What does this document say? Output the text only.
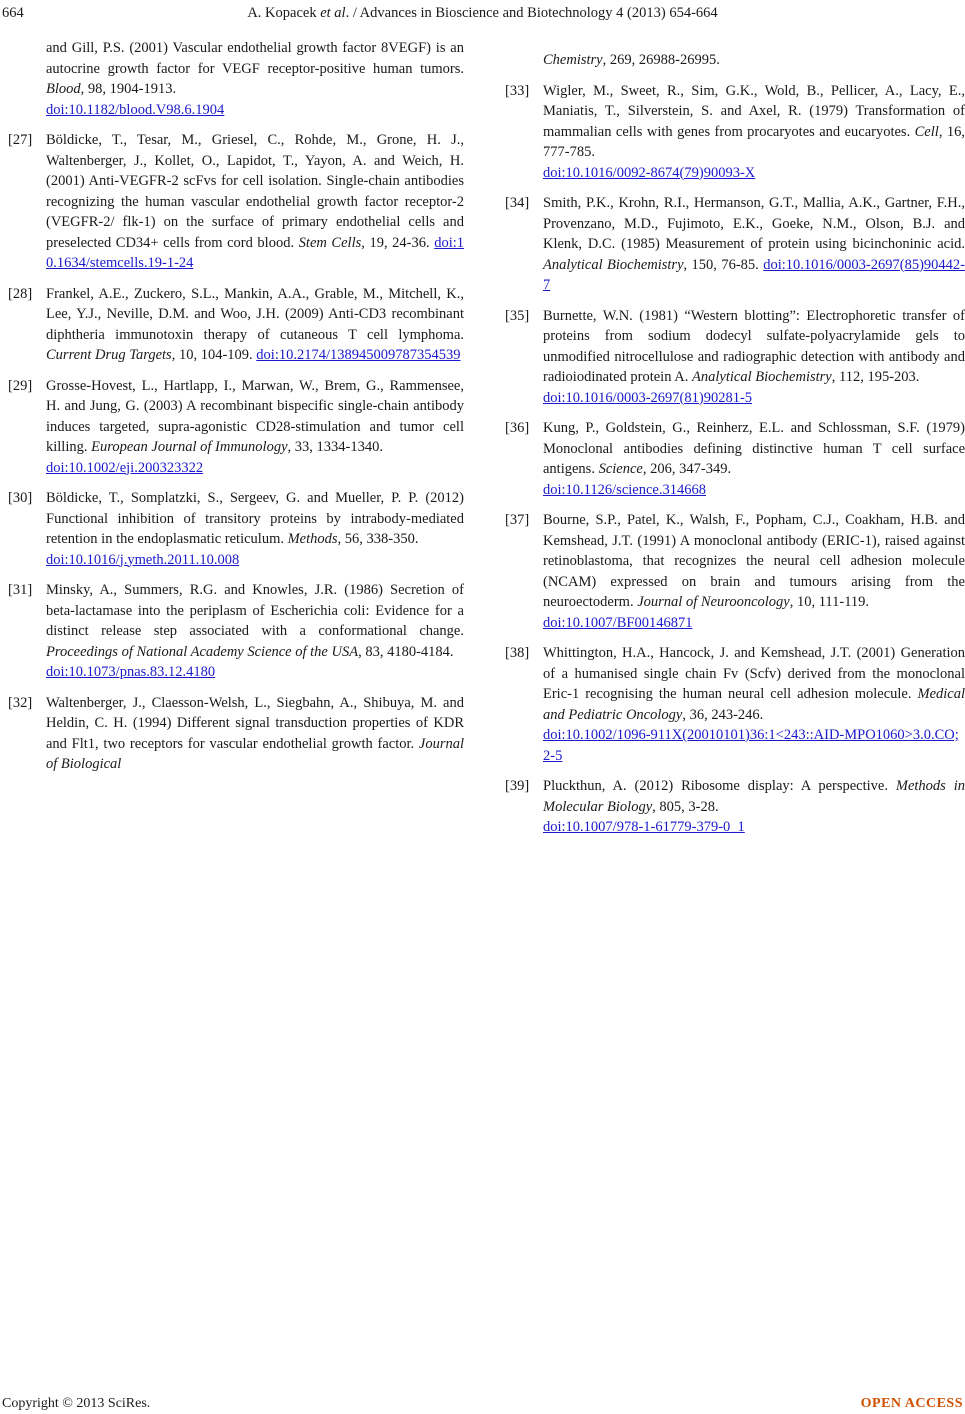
664	A. Kopacek et al. / Advances in Bioscience and Biotechnology 4 (2013) 654-664
and Gill, P.S. (2001) Vascular endothelial growth factor 8VEGF) is an autocrine growth factor for VEGF receptor-positive human tumors. Blood, 98, 1904-1913.
doi:10.1182/blood.V98.6.1904
[27] Böldicke, T., Tesar, M., Griesel, C., Rohde, M., Grone, H. J., Waltenberger, J., Kollet, O., Lapidot, T., Yayon, A. and Weich, H. (2001) Anti-VEGFR-2 scFvs for cell isolation. Single-chain antibodies recognizing the human vascular endothelial growth factor receptor-2 (VEGFR-2/ flk-1) on the surface of primary endothelial cells and preselected CD34+ cells from cord blood. Stem Cells, 19, 24-36. doi:10.1634/stemcells.19-1-24
[28] Frankel, A.E., Zuckero, S.L., Mankin, A.A., Grable, M., Mitchell, K., Lee, Y.J., Neville, D.M. and Woo, J.H. (2009) Anti-CD3 recombinant diphtheria immunotoxin therapy of cutaneous T cell lymphoma. Current Drug Targets, 10, 104-109. doi:10.2174/138945009787354539
[29] Grosse-Hovest, L., Hartlapp, I., Marwan, W., Brem, G., Rammensee, H. and Jung, G. (2003) A recombinant bispecific single-chain antibody induces targeted, supra-agonistic CD28-stimulation and tumor cell killing. European Journal of Immunology, 33, 1334-1340.
doi:10.1002/eji.200323322
[30] Böldicke, T., Somplatzki, S., Sergeev, G. and Mueller, P. P. (2012) Functional inhibition of transitory proteins by intrabody-mediated retention in the endoplasmatic reticulum. Methods, 56, 338-350.
doi:10.1016/j.ymeth.2011.10.008
[31] Minsky, A., Summers, R.G. and Knowles, J.R. (1986) Secretion of beta-lactamase into the periplasm of Escherichia coli: Evidence for a distinct release step associated with a conformational change. Proceedings of National Academy Science of the USA, 83, 4180-4184.
doi:10.1073/pnas.83.12.4180
[32] Waltenberger, J., Claesson-Welsh, L., Siegbahn, A., Shibuya, M. and Heldin, C. H. (1994) Different signal transduction properties of KDR and Flt1, two receptors for vascular endothelial growth factor. Journal of Biological
Chemistry, 269, 26988-26995.
[33] Wigler, M., Sweet, R., Sim, G.K., Wold, B., Pellicer, A., Lacy, E., Maniatis, T., Silverstein, S. and Axel, R. (1979) Transformation of mammalian cells with genes from procaryotes and eucaryotes. Cell, 16, 777-785.
doi:10.1016/0092-8674(79)90093-X
[34] Smith, P.K., Krohn, R.I., Hermanson, G.T., Mallia, A.K., Gartner, F.H., Provenzano, M.D., Fujimoto, E.K., Goeke, N.M., Olson, B.J. and Klenk, D.C. (1985) Measurement of protein using bicinchoninic acid. Analytical Biochemistry, 150, 76-85. doi:10.1016/0003-2697(85)90442-7
[35] Burnette, W.N. (1981) “Western blotting”: Electrophoretic transfer of proteins from sodium dodecyl sulfate-polyacrylamide gels to unmodified nitrocellulose and radiographic detection with antibody and radioiodinated protein A. Analytical Biochemistry, 112, 195-203.
doi:10.1016/0003-2697(81)90281-5
[36] Kung, P., Goldstein, G., Reinherz, E.L. and Schlossman, S.F. (1979) Monoclonal antibodies defining distinctive human T cell surface antigens. Science, 206, 347-349.
doi:10.1126/science.314668
[37] Bourne, S.P., Patel, K., Walsh, F., Popham, C.J., Coakham, H.B. and Kemshead, J.T. (1991) A monoclonal antibody (ERIC-1), raised against retinoblastoma, that recognizes the neural cell adhesion molecule (NCAM) expressed on brain and tumours arising from the neuroectoderm. Journal of Neurooncology, 10, 111-119.
doi:10.1007/BF00146871
[38] Whittington, H.A., Hancock, J. and Kemshead, J.T. (2001) Generation of a humanised single chain Fv (Scfv) derived from the monoclonal Eric-1 recognising the human neural cell adhesion molecule. Medical and Pediatric Oncology, 36, 243-246.
doi:10.1002/1096-911X(20010101)36:1<243::AID-MPO1060>3.0.CO;2-5
[39] Pluckthun, A. (2012) Ribosome display: A perspective. Methods in Molecular Biology, 805, 3-28.
doi:10.1007/978-1-61779-379-0_1
Copyright © 2013 SciRes.	OPEN ACCESS
